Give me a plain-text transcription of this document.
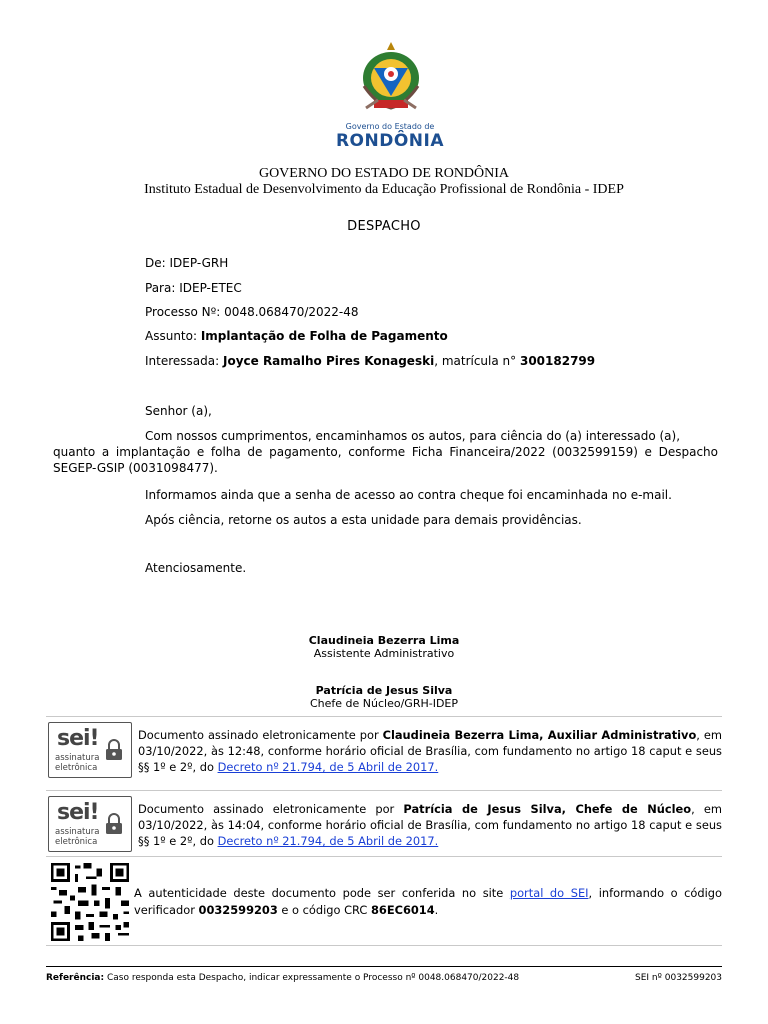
Governo do Estado de
RONDÔNIA
GOVERNO DO ESTADO DE RONDÔNIA
Instituto Estadual de Desenvolvimento da Educação Profissional de Rondônia - IDEP
DESPACHO
De: IDEP-GRH
Para: IDEP-ETEC
Processo Nº: 0048.068470/2022-48
Assunto: Implantação de Folha de Pagamento
Interessada: Joyce Ramalho Pires Konageski, matrícula n° 300182799
Senhor (a),
Com nossos cumprimentos, encaminhamos os autos, para ciência do (a) interessado (a),
quanto a implantação e folha de pagamento, conforme Ficha Financeira/2022 (0032599159) e Despacho SEGEP-GSIP (0031098477).
Informamos ainda que a senha de acesso ao contra cheque foi encaminhada no e-mail.
Após ciência, retorne os autos a esta unidade para demais providências.
Atenciosamente.
Claudineia Bezerra Lima
Assistente Administrativo
Patrícia de Jesus Silva
Chefe de Núcleo/GRH-IDEP
sei!
assinatura
eletrônica
Documento assinado eletronicamente por Claudineia Bezerra Lima, Auxiliar Administrativo, em 03/10/2022, às 12:48, conforme horário oficial de Brasília, com fundamento no artigo 18 caput e seus §§ 1º e 2º, do Decreto nº 21.794, de 5 Abril de 2017.
sei!
assinatura
eletrônica
Documento assinado eletronicamente por Patrícia de Jesus Silva, Chefe de Núcleo, em 03/10/2022, às 14:04, conforme horário oficial de Brasília, com fundamento no artigo 18 caput e seus §§ 1º e 2º, do Decreto nº 21.794, de 5 Abril de 2017.
A autenticidade deste documento pode ser conferida no site portal do SEI, informando o código verificador 0032599203 e o código CRC 86EC6014.
Referência: Caso responda esta Despacho, indicar expressamente o Processo nº 0048.068470/2022-48	SEI nº 0032599203
